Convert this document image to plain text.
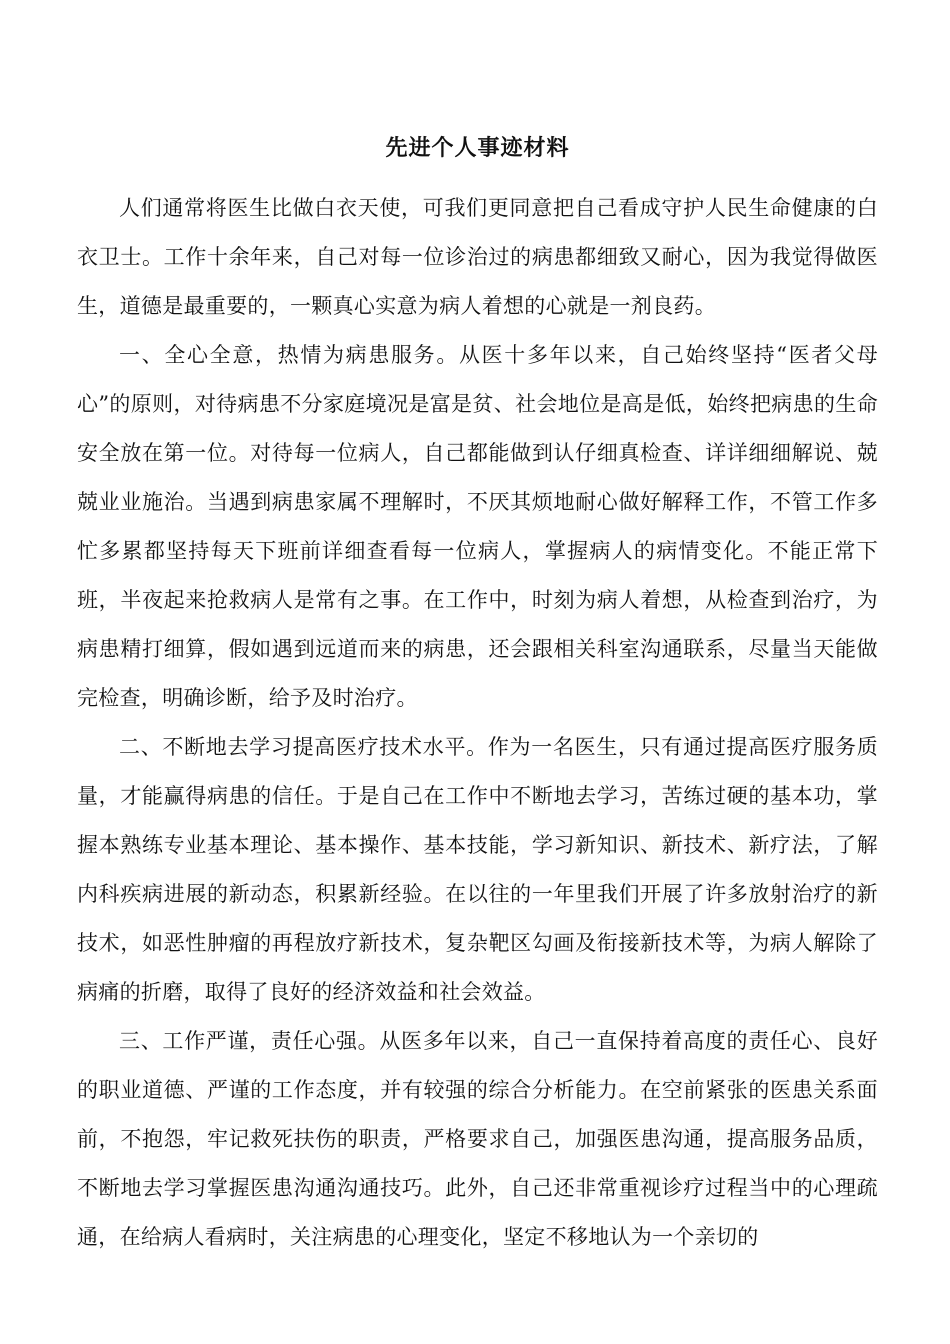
先进个人事迹材料

人们通常将医生比做白衣天使，可我们更同意把自己看成守护人民生命健康的白衣卫士。工作十余年来，自己对每一位诊治过的病患都细致又耐心，因为我觉得做医生，道德是最重要的，一颗真心实意为病人着想的心就是一剂良药。

一、全心全意，热情为病患服务。从医十多年以来，自己始终坚持“医者父母心”的原则，对待病患不分家庭境况是富是贫、社会地位是高是低，始终把病患的生命安全放在第一位。对待每一位病人，自己都能做到认仔细真检查、详详细细解说、兢兢业业施治。当遇到病患家属不理解时，不厌其烦地耐心做好解释工作，不管工作多忙多累都坚持每天下班前详细查看每一位病人，掌握病人的病情变化。不能正常下班，半夜起来抢救病人是常有之事。在工作中，时刻为病人着想，从检查到治疗，为病患精打细算，假如遇到远道而来的病患，还会跟相关科室沟通联系，尽量当天能做完检查，明确诊断，给予及时治疗。

二、不断地去学习提高医疗技术水平。作为一名医生，只有通过提高医疗服务质量，才能赢得病患的信任。于是自己在工作中不断地去学习，苦练过硬的基本功，掌握本熟练专业基本理论、基本操作、基本技能，学习新知识、新技术、新疗法，了解内科疾病进展的新动态，积累新经验。在以往的一年里我们开展了许多放射治疗的新技术，如恶性肿瘤的再程放疗新技术，复杂靶区勾画及衔接新技术等，为病人解除了病痛的折磨，取得了良好的经济效益和社会效益。

三、工作严谨，责任心强。从医多年以来，自己一直保持着高度的责任心、良好的职业道德、严谨的工作态度，并有较强的综合分析能力。在空前紧张的医患关系面前，不抱怨，牢记救死扶伤的职责，严格要求自己，加强医患沟通，提高服务品质，不断地去学习掌握医患沟通沟通技巧。此外，自己还非常重视诊疗过程当中的心理疏通，在给病人看病时，关注病患的心理变化，坚定不移地认为一个亲切的
